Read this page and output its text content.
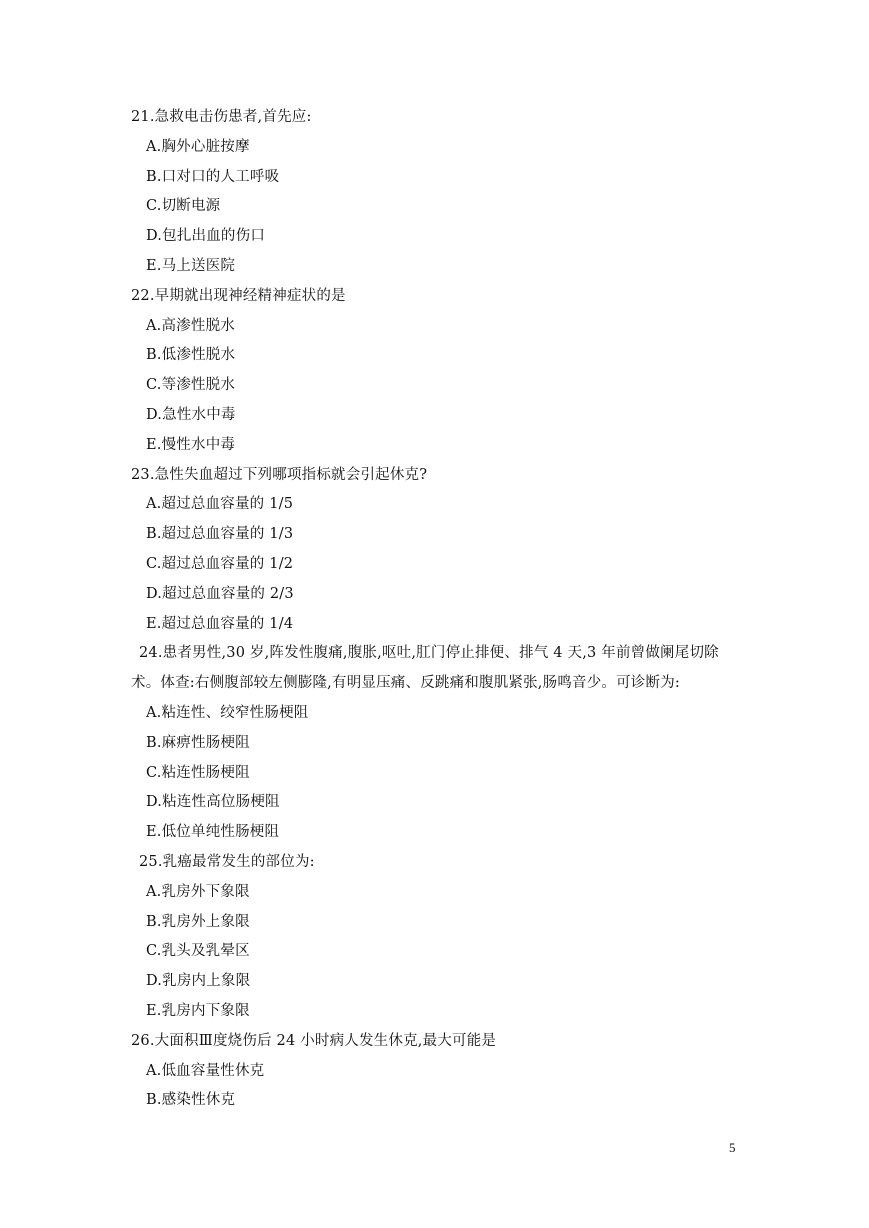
21.急救电击伤患者,首先应:
A.胸外心脏按摩
B.口对口的人工呼吸
C.切断电源
D.包扎出血的伤口
E.马上送医院
22.早期就出现神经精神症状的是
A.高渗性脱水
B.低渗性脱水
C.等渗性脱水
D.急性水中毒
E.慢性水中毒
23.急性失血超过下列哪项指标就会引起休克?
A.超过总血容量的 1/5
B.超过总血容量的 1/3
C.超过总血容量的 1/2
D.超过总血容量的 2/3
E.超过总血容量的 1/4
24.患者男性,30 岁,阵发性腹痛,腹胀,呕吐,肛门停止排便、排气 4 天,3 年前曾做阑尾切除
术。体查:右侧腹部较左侧膨隆,有明显压痛、反跳痛和腹肌紧张,肠鸣音少。可诊断为:
A.粘连性、绞窄性肠梗阻
B.麻痹性肠梗阻
C.粘连性肠梗阻
D.粘连性高位肠梗阻
E.低位单纯性肠梗阻
25.乳癌最常发生的部位为:
A.乳房外下象限
B.乳房外上象限
C.乳头及乳晕区
D.乳房内上象限
E.乳房内下象限
26.大面积Ⅲ度烧伤后 24 小时病人发生休克,最大可能是
A.低血容量性休克
B.感染性休克
5
